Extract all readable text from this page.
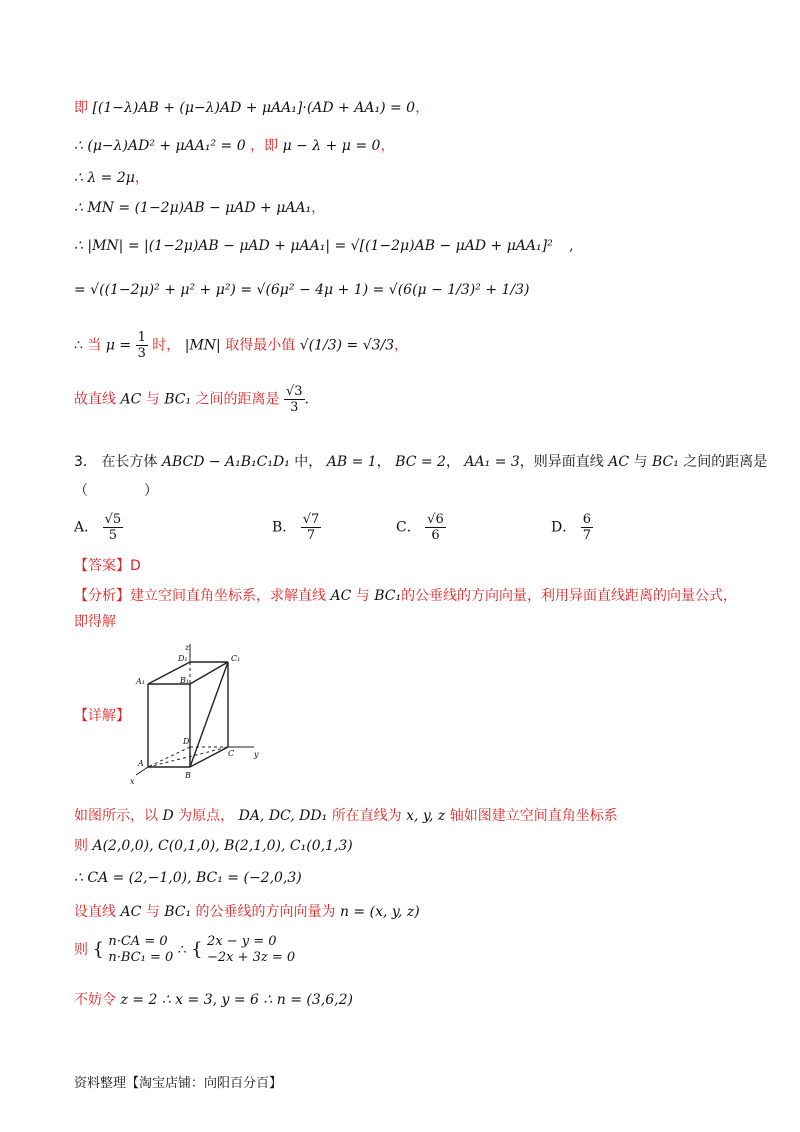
即 [(1−λ)AB + (μ−λ)AD + μAA₁]·(AD + AA₁) = 0，
∴ (μ−λ)AD² + μAA₁² = 0 ，即 μ − λ + μ = 0，
∴ λ = 2μ，
∴ MN = (1−2μ)AB − μAD + μAA₁，
∴ |MN| = |(1−2μ)AB − μAD + μAA₁| = √[(1−2μ)AB − μAD + μAA₁]² ,
= √((1−2μ)² + μ² + μ²) = √(6μ² − 4μ + 1) = √(6(μ − 1/3)² + 1/3)
∴ 当 $\mu = \frac{1}{3}$ 时， |MN| 取得最小值 √(1/3) = √3/3，
故直线 AC 与 BC₁ 之间的距离是 $\frac{√3}{3}$ .
3． 在长方体 ABCD − A₁B₁C₁D₁ 中， AB = 1， BC = 2， AA₁ = 3，则异面直线 AC 与 BC₁ 之间的距离是
（　　　　）
A． $\frac{√5}{5}$	B． $\frac{√7}{7}$	C． $\frac{√6}{6}$	D． $\frac{6}{7}$
【答案】D
【分析】建立空间直角坐标系，求解直线 AC 与 BC₁的公垂线的方向向量，利用异面直线距离的向量公式，
即得解
【详解】
z
D₁	C₁
A₁	B₁
D
C y
A
B
x
如图所示，以 D 为原点， DA, DC, DD₁ 所在直线为 x, y, z 轴如图建立空间直角坐标系
则 A(2,0,0), C(0,1,0), B(2,1,0), C₁(0,1,3)
∴ CA = (2,−1,0), BC₁ = (−2,0,3)
设直线 AC 与 BC₁ 的公垂线的方向向量为 n = (x, y, z)
则 { n·CA = 0
n·BC₁ = 0 ∴ { 2x − y = 0
−2x + 3z = 0
不妨令 z = 2 ∴ x = 3, y = 6 ∴ n = (3,6,2)
资料整理【淘宝店铺：向阳百分百】
